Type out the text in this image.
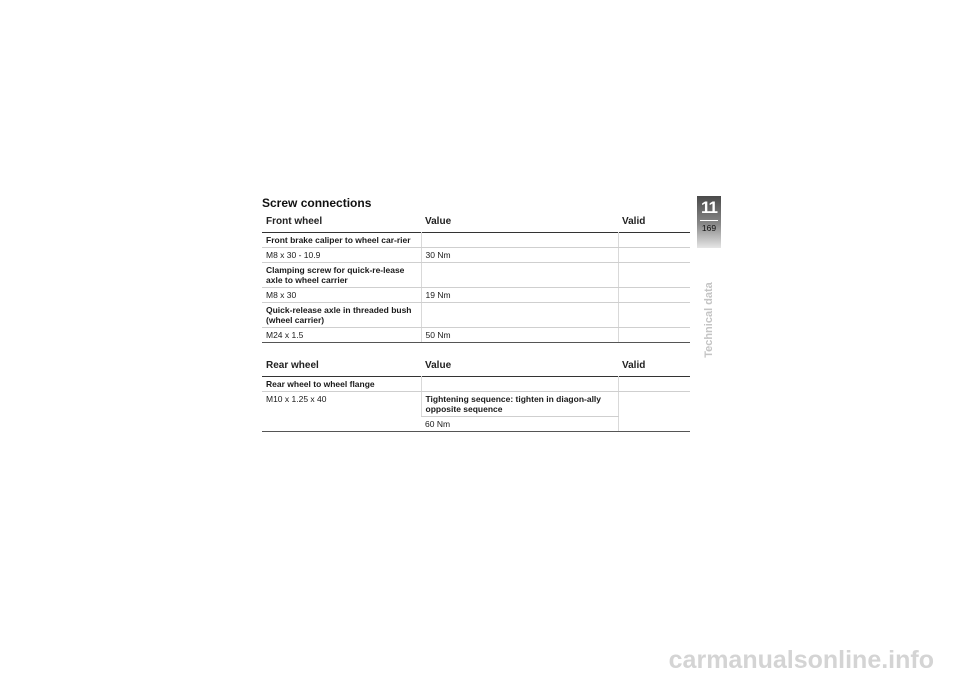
Screw connections
Front wheel	Value	Valid
Front brake caliper to wheel car-rier		
M8 x 30 - 10.9	30 Nm	
Clamping screw for quick-re-lease axle to wheel carrier		
M8 x 30	19 Nm	
Quick-release axle in threaded bush (wheel carrier)		
M24 x 1.5	50 Nm	
Rear wheel	Value	Valid
Rear wheel to wheel flange		
M10 x 1.25 x 40	Tightening sequence: tighten in diagon-ally opposite sequence	
	60 Nm	

11
169
Technical data
carmanualsonline.info
